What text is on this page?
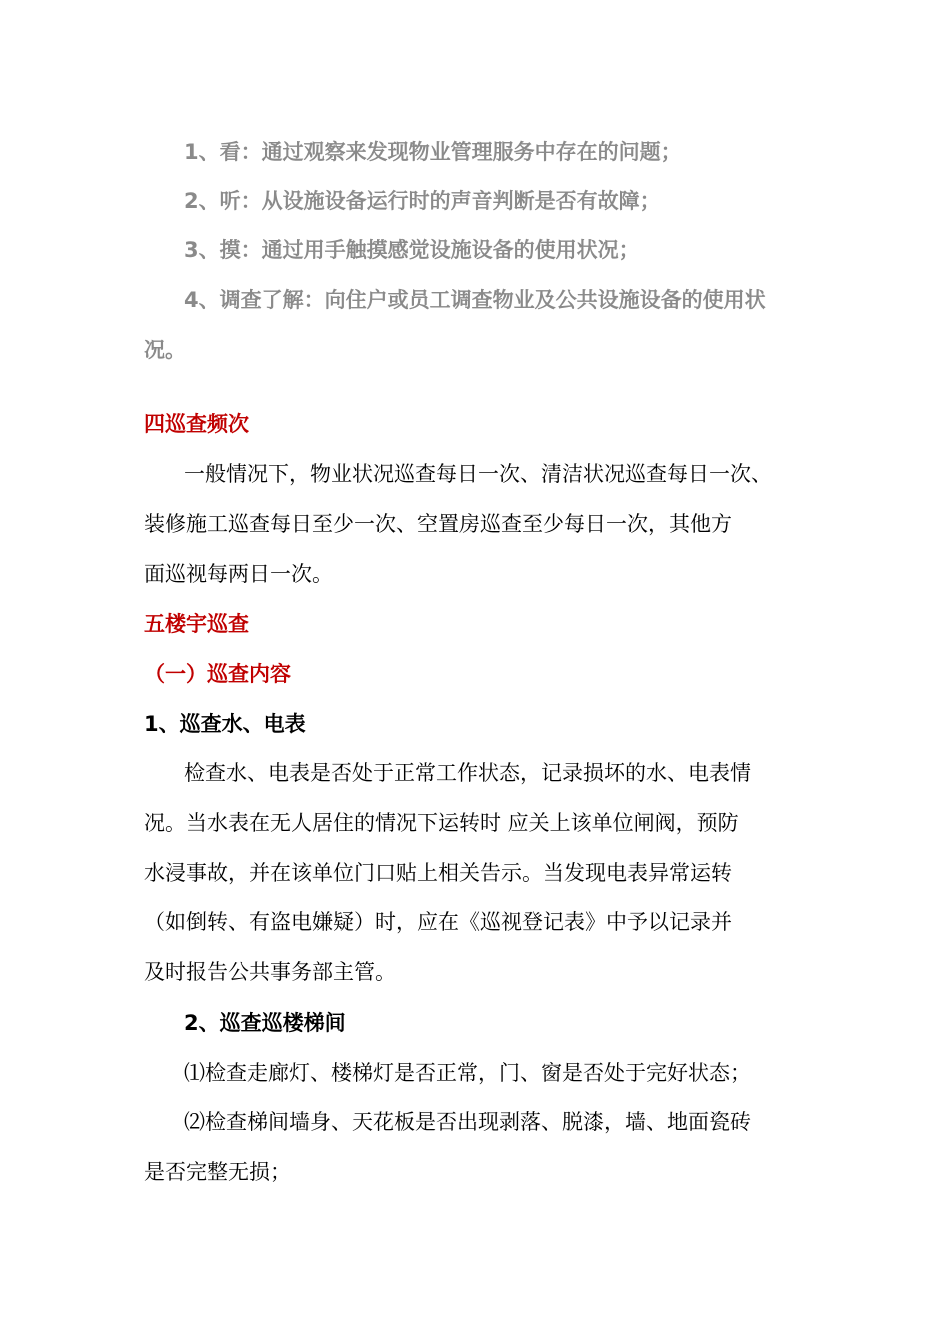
1、看：通过观察来发现物业管理服务中存在的问题；
2、听：从设施设备运行时的声音判断是否有故障；
3、摸：通过用手触摸感觉设施设备的使用状况；
4、调查了解：向住户或员工调查物业及公共设施设备的使用状
况。
四巡查频次
一般情况下，物业状况巡查每日一次、清洁状况巡查每日一次、
装修施工巡查每日至少一次、空置房巡查至少每日一次，其他方
面巡视每两日一次。
五楼宇巡查
（一）巡查内容
1、巡查水、电表
检查水、电表是否处于正常工作状态，记录损坏的水、电表情
况。当水表在无人居住的情况下运转时 应关上该单位闸阀，预防
水浸事故，并在该单位门口贴上相关告示。当发现电表异常运转
（如倒转、有盗电嫌疑）时，应在《巡视登记表》中予以记录并
及时报告公共事务部主管。
2、巡查巡楼梯间
⑴检查走廊灯、楼梯灯是否正常，门、窗是否处于完好状态；
⑵检查梯间墙身、天花板是否出现剥落、脱漆，墙、地面瓷砖
是否完整无损；
